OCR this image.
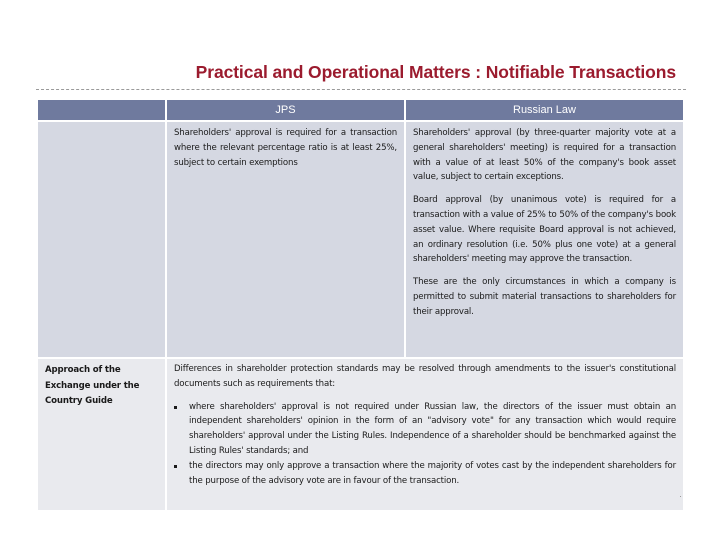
Practical and Operational Matters : Notifiable Transactions
JPS	Russian Law

Shareholders' approval is required for a transaction where the relevant percentage ratio is at least 25%, subject to certain exemptions

Shareholders' approval (by three-quarter majority vote at a general shareholders' meeting) is required for a transaction with a value of at least 50% of the company's book asset value, subject to certain exceptions.

Board approval (by unanimous vote) is required for a transaction with a value of 25% to 50% of the company's book asset value. Where requisite Board approval is not achieved, an ordinary resolution (i.e. 50% plus one vote) at a general shareholders' meeting may approve the transaction.

These are the only circumstances in which a company is permitted to submit material transactions to shareholders for their approval.

Approach of the Exchange under the Country Guide

Differences in shareholder protection standards may be resolved through amendments to the issuer's constitutional documents such as requirements that:

where shareholders' approval is not required under Russian law, the directors of the issuer must obtain an independent shareholders' opinion in the form of an "advisory vote" for any transaction which would require shareholders' approval under the Listing Rules. Independence of a shareholder should be benchmarked against the Listing Rules' standards; and
the directors may only approve a transaction where the majority of votes cast by the independent shareholders for the purpose of the advisory vote are in favour of the transaction.
